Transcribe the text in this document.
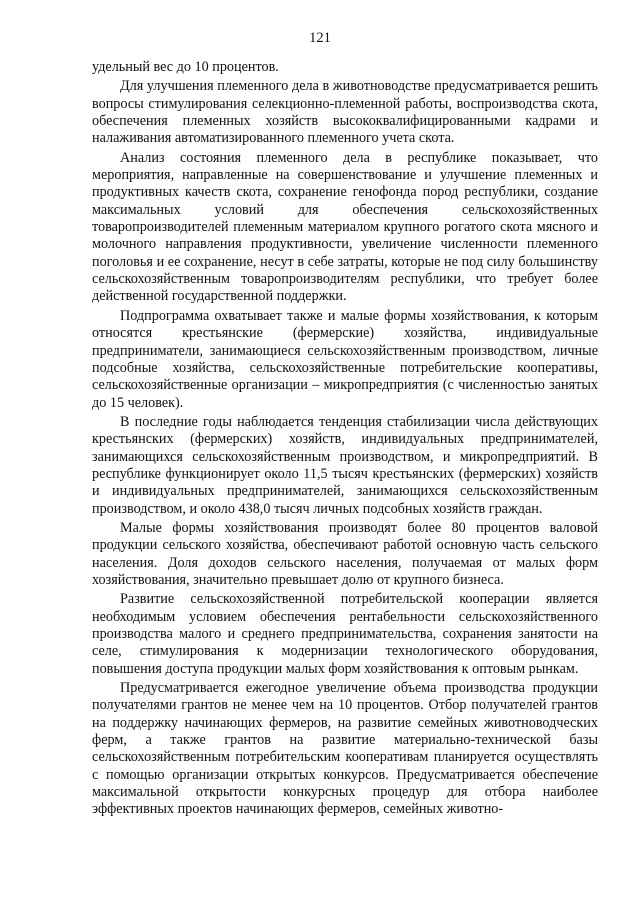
121

удельный вес до 10 процентов.

Для улучшения племенного дела в животноводстве предусматривается решить вопросы стимулирования селекционно-племенной работы, воспроизводства скота, обеспечения племенных хозяйств высококвалифицированными кадрами и налаживания автоматизированного племенного учета скота.

Анализ состояния племенного дела в республике показывает, что мероприятия, направленные на совершенствование и улучшение племенных и продуктивных качеств скота, сохранение генофонда пород республики, создание максимальных условий для обеспечения сельскохозяйственных товаропроизводителей племенным материалом крупного рогатого скота мясного и молочного направления продуктивности, увеличение численности племенного поголовья и ее сохранение, несут в себе затраты, которые не под силу большинству сельскохозяйственным товаропроизводителям республики, что требует более действенной государственной поддержки.

Подпрограмма охватывает также и малые формы хозяйствования, к которым относятся крестьянские (фермерские) хозяйства, индивидуальные предприниматели, занимающиеся сельскохозяйственным производством, личные подсобные хозяйства, сельскохозяйственные потребительские кооперативы, сельскохозяйственные организации – микропредприятия (с численностью занятых до 15 человек).

В последние годы наблюдается тенденция стабилизации числа действующих крестьянских (фермерских) хозяйств, индивидуальных предпринимателей, занимающихся сельскохозяйственным производством, и микропредприятий. В республике функционирует около 11,5 тысяч крестьянских (фермерских) хозяйств и индивидуальных предпринимателей, занимающихся сельскохозяйственным производством, и около 438,0 тысяч личных подсобных хозяйств граждан.

Малые формы хозяйствования производят более 80 процентов валовой продукции сельского хозяйства, обеспечивают работой основную часть сельского населения. Доля доходов сельского населения, получаемая от малых форм хозяйствования, значительно превышает долю от крупного бизнеса.

Развитие сельскохозяйственной потребительской кооперации является необходимым условием обеспечения рентабельности сельскохозяйственного производства малого и среднего предпринимательства, сохранения занятости на селе, стимулирования к модернизации технологического оборудования, повышения доступа продукции малых форм хозяйствования к оптовым рынкам.

Предусматривается ежегодное увеличение объема производства продукции получателями грантов не менее чем на 10 процентов. Отбор получателей грантов на поддержку начинающих фермеров, на развитие семейных животноводческих ферм, а также грантов на развитие материально-технической базы сельскохозяйственным потребительским кооперативам планируется осуществлять с помощью организации открытых конкурсов. Предусматривается обеспечение максимальной открытости конкурсных процедур для отбора наиболее эффективных проектов начинающих фермеров, семейных животно-
